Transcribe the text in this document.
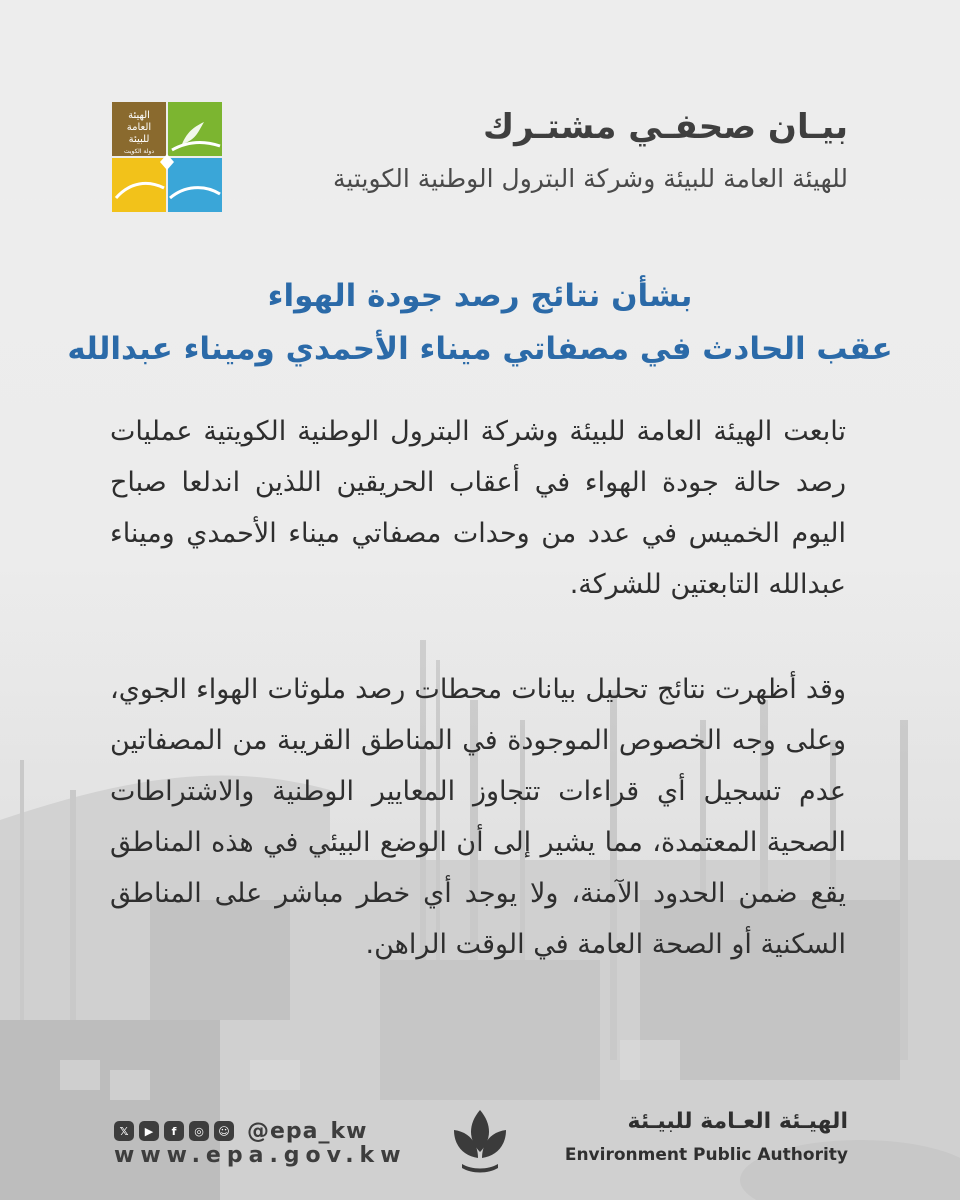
الهيئة
العامة
للبيئة
دولة الكويت
بيـان صحفـي مشتـرك
للهيئة العامة للبيئة وشركة البترول الوطنية الكويتية
بشأن نتائج رصد جودة الهواء
عقب الحادث في مصفاتي ميناء الأحمدي وميناء عبدالله
تابعت الهيئة العامة للبيئة وشركة البترول الوطنية الكويتية عمليات رصد حالة جودة الهواء في أعقاب الحريقين اللذين اندلعا صباح اليوم الخميس في عدد من وحدات مصفاتي ميناء الأحمدي وميناء عبدالله التابعتين للشركة.
وقد أظهرت نتائج تحليل بيانات محطات رصد ملوثات الهواء الجوي، وعلى وجه الخصوص الموجودة في المناطق القريبة من المصفاتين عدم تسجيل أي قراءات تتجاوز المعايير الوطنية والاشتراطات الصحية المعتمدة، مما يشير إلى أن الوضع البيئي في هذه المناطق يقع ضمن الحدود الآمنة، ولا يوجد أي خطر مباشر على المناطق السكنية أو الصحة العامة في الوقت الراهن.
𝕏	▶	f	◎	☺ @epa_kw
www.epa.gov.kw
الهيـئة العـامة للبيـئة
Environment Public Authority
